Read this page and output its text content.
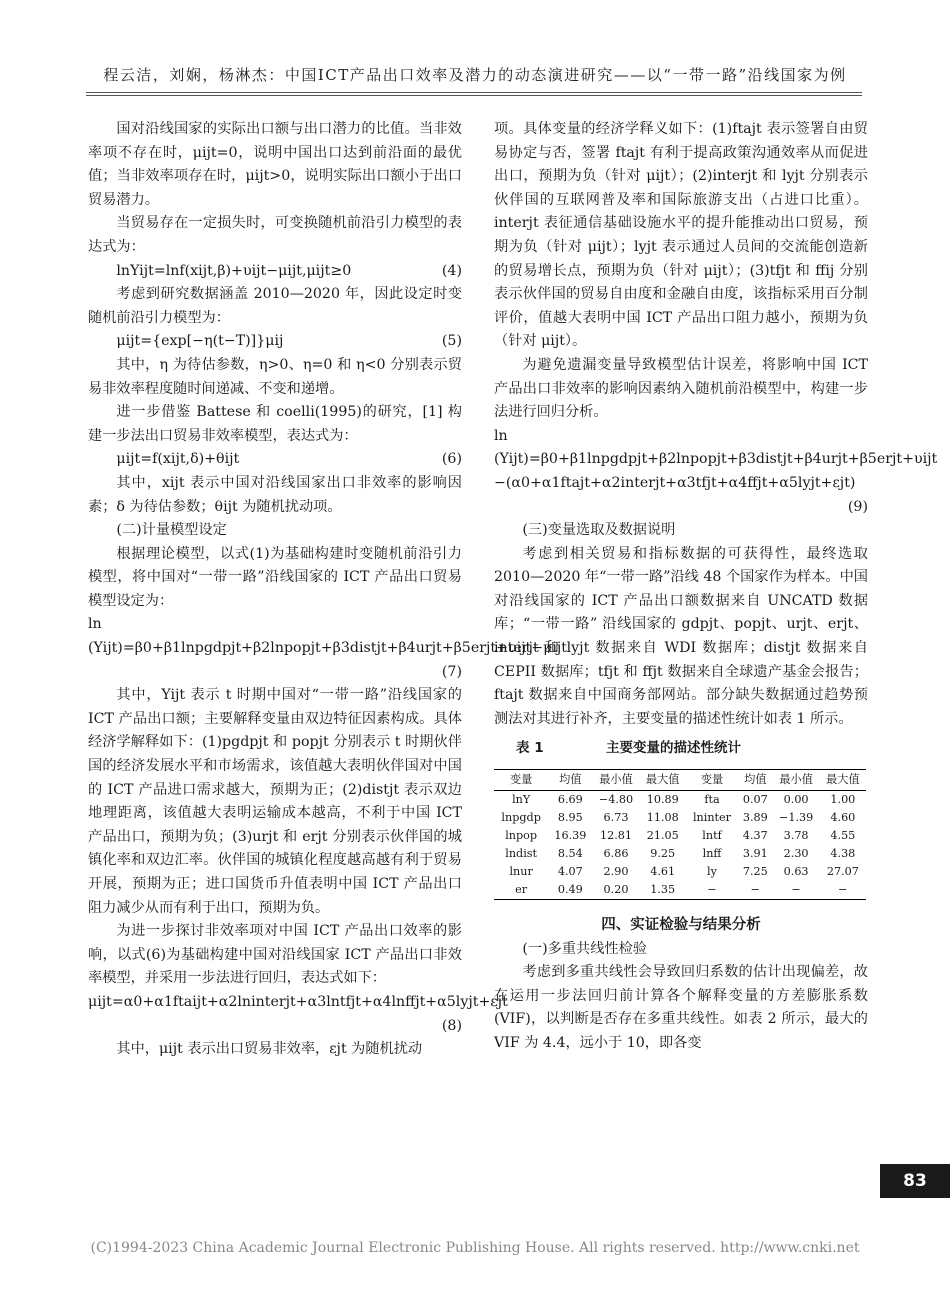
程云洁，刘娴，杨淋杰：中国ICT产品出口效率及潜力的动态演进研究——以“一带一路”沿线国家为例

国对沿线国家的实际出口额与出口潜力的比值。当非效率项不存在时，μijt=0，说明中国出口达到前沿面的最优值；当非效率项存在时，μijt>0，说明实际出口额小于出口贸易潜力。

当贸易存在一定损失时，可变换随机前沿引力模型的表达式为：

lnYijt=lnf(xijt,β)+υijt−μijt,μijt≥0	(4)

考虑到研究数据涵盖 2010—2020 年，因此设定时变随机前沿引力模型为：

μijt={exp[−η(t−T)]}μij	(5)

其中，η 为待估参数，η>0、η=0 和 η<0 分别表示贸易非效率程度随时间递减、不变和递增。

进一步借鉴 Battese 和 coelli(1995)的研究，[1] 构建一步法出口贸易非效率模型，表达式为：

μijt=f(xijt,δ)+θijt	(6)

其中，xijt 表示中国对沿线国家出口非效率的影响因素；δ 为待估参数；θijt 为随机扰动项。

(二)计量模型设定

根据理论模型，以式(1)为基础构建时变随机前沿引力模型，将中国对“一带一路”沿线国家的 ICT 产品出口贸易模型设定为：

ln (Yijt)=β0+β1lnpgdpjt+β2lnpopjt+β3distjt+β4urjt+β5erjt+υijt−μijt

(7)

其中，Yijt 表示 t 时期中国对“一带一路”沿线国家的 ICT 产品出口额；主要解释变量由双边特征因素构成。具体经济学解释如下：(1)pgdpjt 和 popjt 分别表示 t 时期伙伴国的经济发展水平和市场需求，该值越大表明伙伴国对中国的 ICT 产品进口需求越大，预期为正；(2)distjt 表示双边地理距离，该值越大表明运输成本越高，不利于中国 ICT 产品出口，预期为负；(3)urjt 和 erjt 分别表示伙伴国的城镇化率和双边汇率。伙伴国的城镇化程度越高越有利于贸易开展，预期为正；进口国货币升值表明中国 ICT 产品出口阻力减少从而有利于出口，预期为负。

为进一步探讨非效率项对中国 ICT 产品出口效率的影响，以式(6)为基础构建中国对沿线国家 ICT 产品出口非效率模型，并采用一步法进行回归，表达式如下：

μijt=α0+α1ftaijt+α2lninterjt+α3lntfjt+α4lnffjt+α5lyjt+εjt

(8)

其中，μijt 表示出口贸易非效率，εjt 为随机扰动

项。具体变量的经济学释义如下：(1)ftajt 表示签署自由贸易协定与否，签署 ftajt 有利于提高政策沟通效率从而促进出口，预期为负（针对 μijt）；(2)interjt 和 lyjt 分别表示伙伴国的互联网普及率和国际旅游支出（占进口比重）。interjt 表征通信基础设施水平的提升能推动出口贸易，预期为负（针对 μijt）；lyjt 表示通过人员间的交流能创造新的贸易增长点，预期为负（针对 μijt）；(3)tfjt 和 ffij 分别表示伙伴国的贸易自由度和金融自由度，该指标采用百分制评价，值越大表明中国 ICT 产品出口阻力越小，预期为负（针对 μijt）。

为避免遗漏变量导致模型估计误差，将影响中国 ICT 产品出口非效率的影响因素纳入随机前沿模型中，构建一步法进行回归分析。

ln (Yijt)=β0+β1lnpgdpjt+β2lnpopjt+β3distjt+β4urjt+β5erjt+υijt −(α0+α1ftajt+α2interjt+α3tfjt+α4ffjt+α5lyjt+εjt)

(9)

(三)变量选取及数据说明

考虑到相关贸易和指标数据的可获得性，最终选取 2010—2020 年“一带一路”沿线 48 个国家作为样本。中国对沿线国家的 ICT 产品出口额数据来自 UNCATD 数据库；“一带一路” 沿线国家的 gdpjt、popjt、urjt、erjt、interjt 和 lyjt 数据来自 WDI 数据库；distjt 数据来自 CEPII 数据库；tfjt 和 ffjt 数据来自全球遗产基金会报告；ftajt 数据来自中国商务部网站。部分缺失数据通过趋势预测法对其进行补齐，主要变量的描述性统计如表 1 所示。

表 1	主要变量的描述性统计
变量	均值	最小值	最大值	变量	均值	最小值	最大值
lnY	6.69	−4.80	10.89	fta	0.07	0.00	1.00
lnpgdp	8.95	6.73	11.08	lninter	3.89	−1.39	4.60
lnpop	16.39	12.81	21.05	lntf	4.37	3.78	4.55
lndist	8.54	6.86	9.25	lnff	3.91	2.30	4.38
lnur	4.07	2.90	4.61	ly	7.25	0.63	27.07
er	0.49	0.20	1.35	−	−	−	−

四、实证检验与结果分析

(一)多重共线性检验

考虑到多重共线性会导致回归系数的估计出现偏差，故在运用一步法回归前计算各个解释变量的方差膨胀系数(VIF)，以判断是否存在多重共线性。如表 2 所示，最大的 VIF 为 4.4，远小于 10，即各变

83
(C)1994-2023 China Academic Journal Electronic Publishing House. All rights reserved. http://www.cnki.net
